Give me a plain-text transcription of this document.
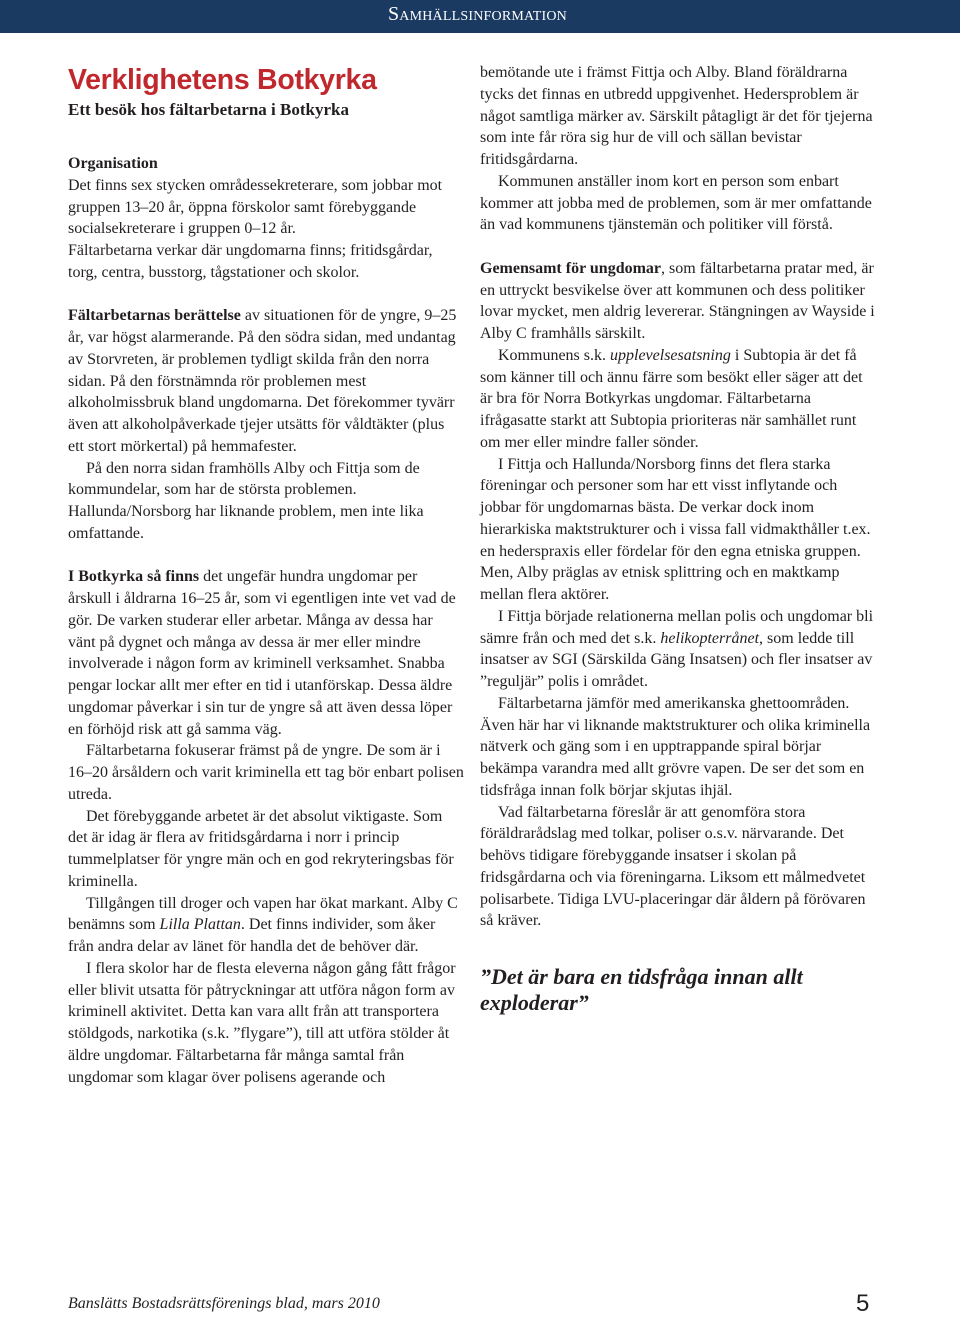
Samhällsinformation
Verklighetens Botkyrka

Ett besök hos fältarbetarna i Botkyrka

Organisation

Det finns sex stycken områdessekreterare, som jobbar mot gruppen 13–20 år, öppna förskolor samt förebyggande socialsekreterare i gruppen 0–12 år.

Fältarbetarna verkar där ungdomarna finns; fritidsgårdar, torg, centra, busstorg, tågstationer och skolor.

Fältarbetarnas berättelse av situationen för de yngre, 9–25 år, var högst alarmerande. På den södra sidan, med undantag av Storvreten, är problemen tydligt skilda från den norra sidan. På den förstnämnda rör problemen mest alkoholmissbruk bland ungdomarna. Det förekommer tyvärr även att alkoholpåverkade tjejer utsätts för våldtäkter (plus ett stort mörkertal) på hemmafester.

På den norra sidan framhölls Alby och Fittja som de kommundelar, som har de största problemen. Hallunda/Norsborg har liknande problem, men inte lika omfattande.

I Botkyrka så finns det ungefär hundra ungdomar per årskull i åldrarna 16–25 år, som vi egentligen inte vet vad de gör. De varken studerar eller arbetar. Många av dessa har vänt på dygnet och många av dessa är mer eller mindre involverade i någon form av kriminell verksamhet. Snabba pengar lockar allt mer efter en tid i utanförskap. Dessa äldre ungdomar påverkar i sin tur de yngre så att även dessa löper en förhöjd risk att gå samma väg.

Fältarbetarna fokuserar främst på de yngre. De som är i 16–20 årsåldern och varit kriminella ett tag bör enbart polisen utreda.

Det förebyggande arbetet är det absolut viktigaste. Som det är idag är flera av fritidsgårdarna i norr i princip tummelplatser för yngre män och en god rekryteringsbas för kriminella.

Tillgången till droger och vapen har ökat markant. Alby C benämns som Lilla Plattan. Det finns individer, som åker från andra delar av länet för handla det de behöver där.

I flera skolor har de flesta eleverna någon gång fått frågor eller blivit utsatta för påtryckningar att utföra någon form av kriminell aktivitet. Detta kan vara allt från att transportera stöldgods, narkotika (s.k. ”flygare”), till att utföra stölder åt äldre ungdomar. Fältarbetarna får många samtal från ungdomar som klagar över polisens agerande och

bemötande ute i främst Fittja och Alby. Bland föräldrarna tycks det finnas en utbredd uppgivenhet. Hedersproblem är något samtliga märker av. Särskilt påtagligt är det för tjejerna som inte får röra sig hur de vill och sällan bevistar fritidsgårdarna.

Kommunen anställer inom kort en person som enbart kommer att jobba med de problemen, som är mer omfattande än vad kommunens tjänstemän och politiker vill förstå.

Gemensamt för ungdomar, som fältarbetarna pratar med, är en uttryckt besvikelse över att kommunen och dess politiker lovar mycket, men aldrig levererar. Stängningen av Wayside i Alby C framhålls särskilt.

Kommunens s.k. upplevelsesatsning i Subtopia är det få som känner till och ännu färre som besökt eller säger att det är bra för Norra Botkyrkas ungdomar. Fältarbetarna ifrågasatte starkt att Subtopia prioriteras när samhället runt om mer eller mindre faller sönder.

I Fittja och Hallunda/Norsborg finns det flera starka föreningar och personer som har ett visst inflytande och jobbar för ungdomarnas bästa. De verkar dock inom hierarkiska maktstrukturer och i vissa fall vidmakthåller t.ex. en hederspraxis eller fördelar för den egna etniska gruppen. Men, Alby präglas av etnisk splittring och en maktkamp mellan flera aktörer.

I Fittja började relationerna mellan polis och ungdomar bli sämre från och med det s.k. helikopterrånet, som ledde till insatser av SGI (Särskilda Gäng Insatsen) och fler insatser av ”reguljär” polis i området.

Fältarbetarna jämför med amerikanska ghettoområden. Även här har vi liknande maktstrukturer och olika kriminella nätverk och gäng som i en upptrappande spiral börjar bekämpa varandra med allt grövre vapen. De ser det som en tidsfråga innan folk börjar skjutas ihjäl.

Vad fältarbetarna föreslår är att genomföra stora föräldrarådslag med tolkar, poliser o.s.v. närvarande. Det behövs tidigare förebyggande insatser i skolan på fridsgårdarna och via föreningarna. Liksom ett målmedvetet polisarbete. Tidiga LVU-placeringar där åldern på förövaren så kräver.

”Det är bara en tidsfråga innan allt exploderar”

Banslätts Bostadsrättsförenings blad, mars 2010	5
